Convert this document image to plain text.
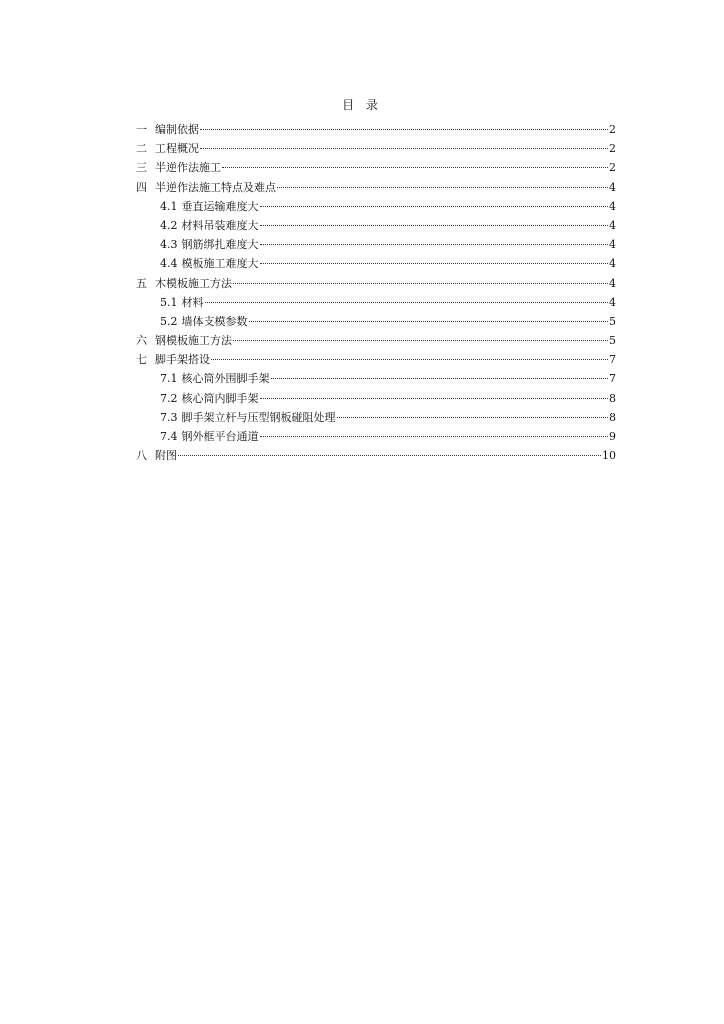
目 录
一 编制依据	2
二 工程概况	2
三 半逆作法施工	2
四 半逆作法施工特点及难点	4
4.1 垂直运输难度大	4
4.2 材料吊装难度大	4
4.3 钢筋绑扎难度大	4
4.4 模板施工难度大	4
五 木模板施工方法	4
5.1 材料	4
5.2 墙体支模参数	5
六 钢模板施工方法	5
七 脚手架搭设	7
7.1 核心筒外围脚手架	7
7.2 核心筒内脚手架	8
7.3 脚手架立杆与压型钢板碰阻处理	8
7.4 钢外框平台通道	9
八 附图	10
